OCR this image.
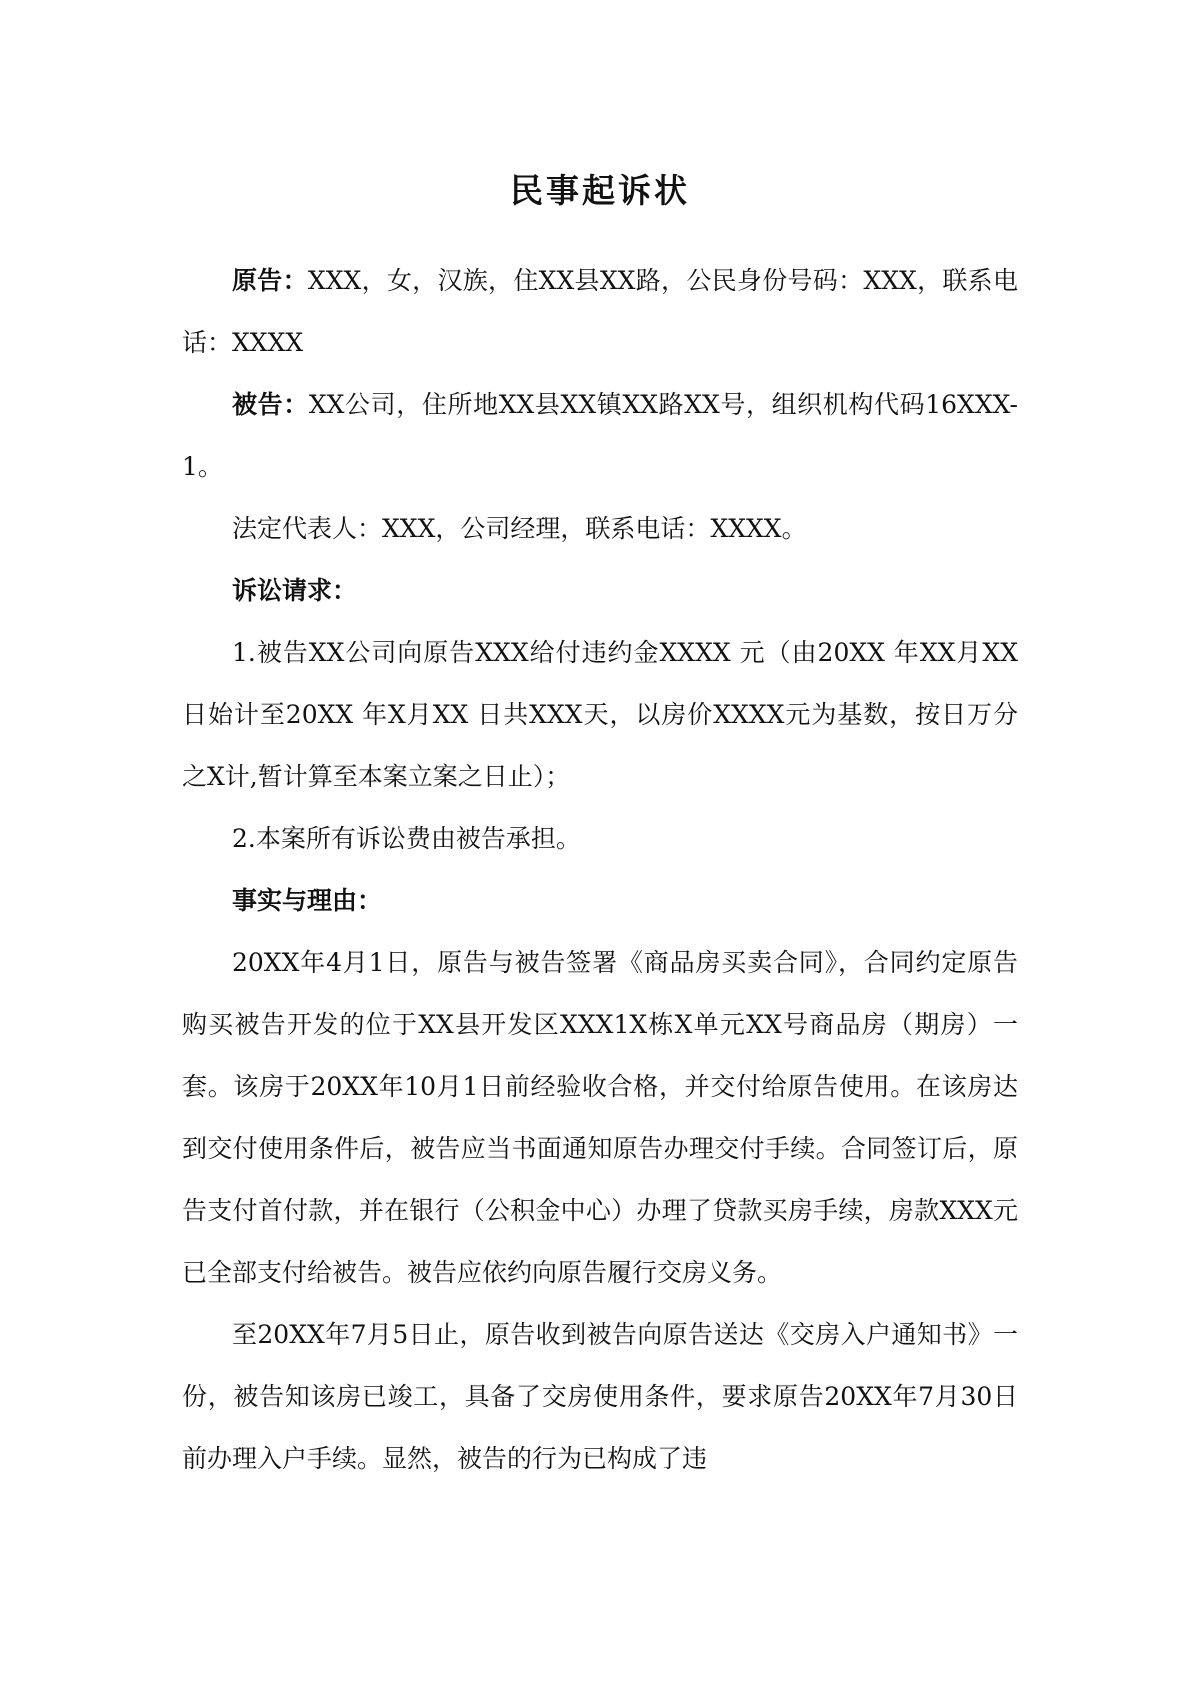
民事起诉状

原告：XXX，女，汉族，住XX县XX路，公民身份号码：XXX，联系电话：XXXX

被告：XX公司，住所地XX县XX镇XX路XX号，组织机构代码16XXX-1。

法定代表人：XXX，公司经理，联系电话：XXXX。

诉讼请求：

1.被告XX公司向原告XXX给付违约金XXXX 元（由20XX 年XX月XX 日始计至20XX 年X月XX 日共XXX天，以房价XXXX元为基数，按日万分之X计,暂计算至本案立案之日止）；

2.本案所有诉讼费由被告承担。

事实与理由：

20XX年4月1日，原告与被告签署《商品房买卖合同》，合同约定原告购买被告开发的位于XX县开发区XXX1X栋X单元XX号商品房（期房）一套。该房于20XX年10月1日前经验收合格，并交付给原告使用。在该房达到交付使用条件后，被告应当书面通知原告办理交付手续。合同签订后，原告支付首付款，并在银行（公积金中心）办理了贷款买房手续，房款XXX元已全部支付给被告。被告应依约向原告履行交房义务。

至20XX年7月5日止，原告收到被告向原告送达《交房入户通知书》一份，被告知该房已竣工，具备了交房使用条件，要求原告20XX年7月30日前办理入户手续。显然，被告的行为已构成了违
